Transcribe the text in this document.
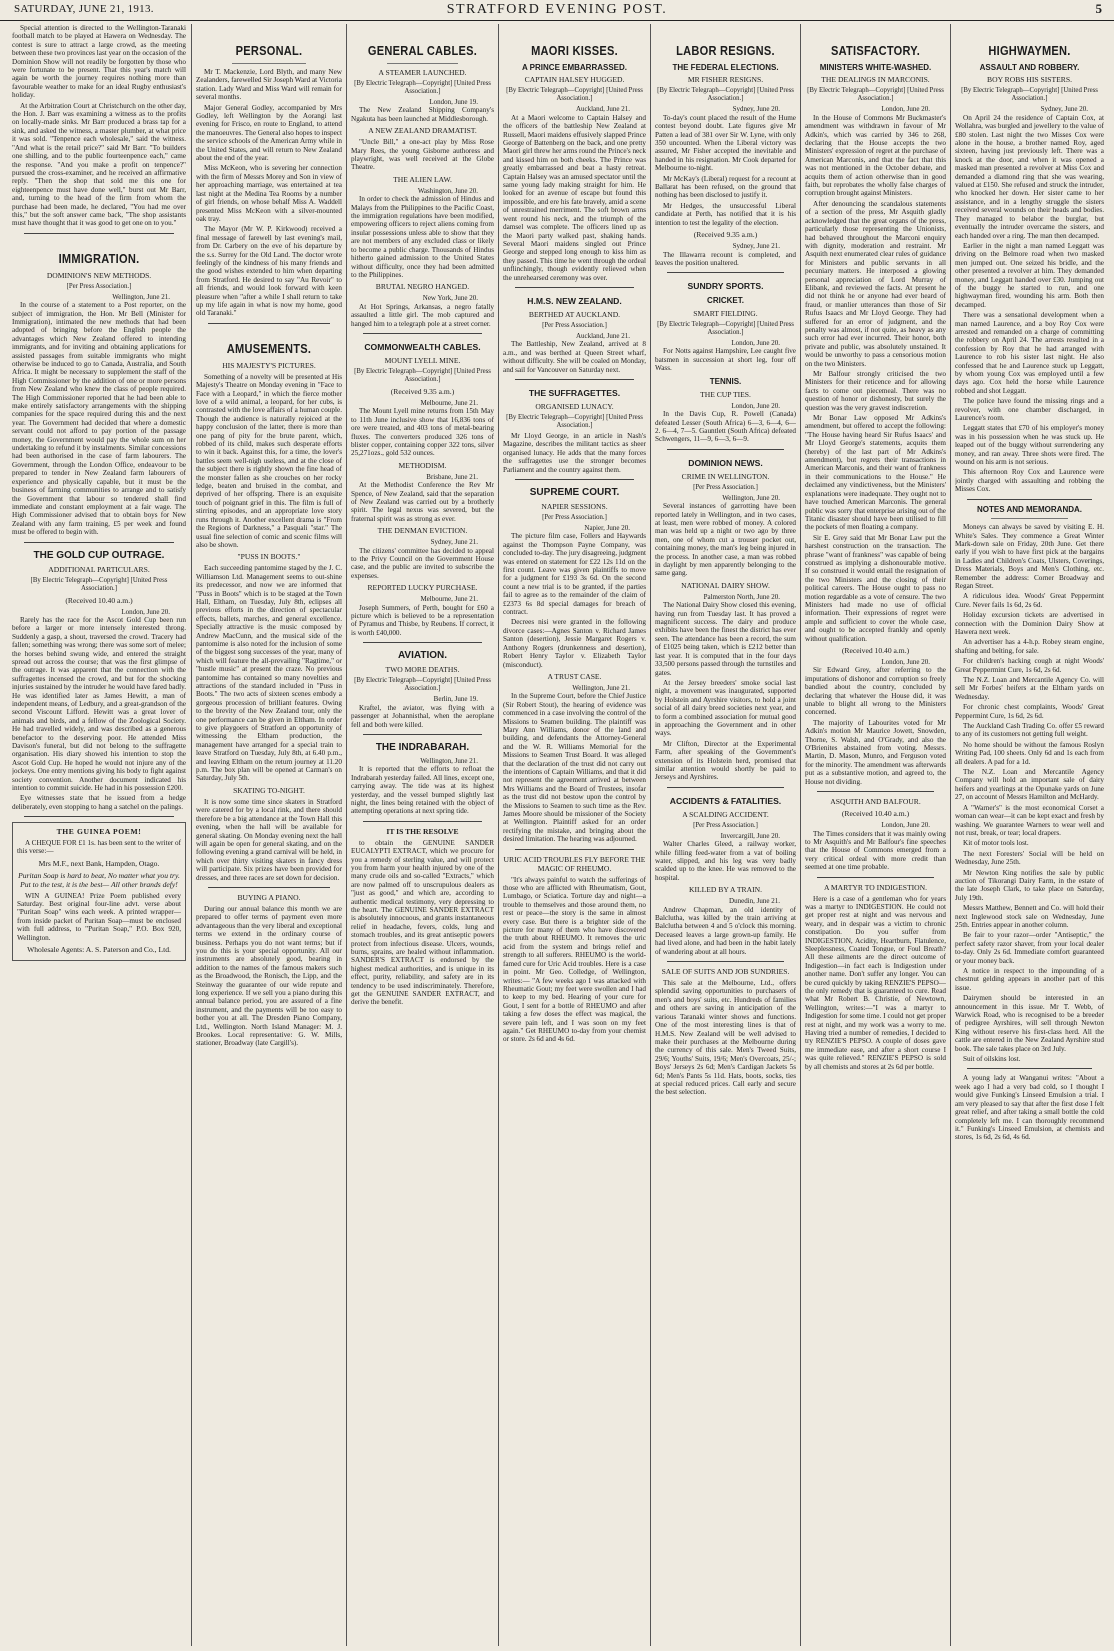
SATURDAY, JUNE 21, 1913.	STRATFORD EVENING POST.	5

Special attention is directed to the Wellington-Taranaki football match to be played at Hawera on Wednesday. The contest is sure to attract a large crowd, as the meeting between these two provinces last year on the occasion of the Dominion Show will not readily be forgotten by those who were fortunate to be present. That this year's match will again be worth the journey requires nothing more than favourable weather to make for an ideal Rugby enthusiast's holiday.

At the Arbitration Court at Christchurch on the other day, the Hon. J. Barr was examining a witness as to the profits on locally-made sinks. Mr Barr produced a brass tap for a sink, and asked the witness, a master plumber, at what price it was sold. "Tenpence each wholesale," said the witness. "And what is the retail price?" said Mr Barr. "To builders one shilling, and to the public fourteenpence each," came the response. "And you make a profit on tenpence?" pursued the cross-examiner, and he received an affirmative reply. "Then the shop that sold me this one for eighteenpence must have done well," burst out Mr Barr, and, turning to the head of the firm from whom the purchase had been made, he declared, "You had me over this," but the soft answer came back, "The shop assistants must have thought that it was good to get one on to you."

IMMIGRATION.
DOMINION'S NEW METHODS.
[Per Press Association.]
Wellington, June 21.

In the course of a statement to a Post reporter, on the subject of immigration, the Hon. Mr Bell (Minister for Immigration), intimated the new methods that had been adopted of bringing before the English people the advantages which New Zealand offered to intending immigrants, and for inviting and obtaining applications for assisted passages from suitable immigrants who might otherwise be induced to go to Canada, Australia, and South Africa. It might be necessary to supplement the staff of the High Commissioner by the addition of one or more persons from New Zealand who knew the class of people required. The High Commissioner reported that he had been able to make entirely satisfactory arrangements with the shipping companies for the space required during this and the next year. The Government had decided that where a domestic servant could not afford to pay portion of the passage money, the Government would pay the whole sum on her undertaking to refund it by instalments. Similar concessions had been authorised in the case of farm labourers. The Government, through the London Office, endeavour to be prepared to tender in New Zealand farm labourers of experience and physically capable, but it must be the business of farming communities to arrange and to satisfy the Government that labour so tendered shall find immediate and constant employment at a fair wage. The High Commissioner advised that to obtain boys for New Zealand with any farm training, £5 per week and found must be offered to begin with.

THE GOLD CUP OUTRAGE.
ADDITIONAL PARTICULARS.
[By Electric Telegraph—Copyright] [United Press Association.]
(Received 10.40 a.m.)
London, June 20.

Rarely has the race for the Ascot Gold Cup been run before a larger or more intensely interested throng. Suddenly a gasp, a shout, traversed the crowd. Tracery had fallen; something was wrong; there was some sort of melee; the horses behind swung wide, and entered the straight spread out across the course; that was the first glimpse of the outrage. It was apparent that the connection with the suffragettes incensed the crowd, and but for the shocking injuries sustained by the intruder he would have fared badly. He was identified later as James Hewitt, a man of independent means, of Ledbury, and a great-grandson of the second Viscount Lifford. Hewitt was a great lover of animals and birds, and a fellow of the Zoological Society. He had travelled widely, and was described as a generous benefactor to the deserving poor. He attended Miss Davison's funeral, but did not belong to the suffragette organisation. His diary showed his intention to stop the Ascot Gold Cup. He hoped he would not injure any of the jockeys. One entry mentions giving his body to fight against society convention. Another document indicated his intention to commit suicide. He had in his possession £200.

Eye witnesses state that he issued from a hedge deliberately, even stopping to hang a satchel on the palings.

THE GUINEA POEM!

A CHEQUE FOR £1 1s. has been sent to the writer of this verse:—

Mrs M.F., next Bank, Hampden, Otago.
Puritan Soap is hard to beat, No matter what you try. Put to the test, it is the best— All other brands defy!

WIN A GUINEA! Prize Poem published every Saturday. Best original four-line advt. verse about "Puritan Soap" wins each week. A printed wrapper—from inside packet of Puritan Soap—must be enclosed with full address, to "Puritan Soap," P.O. Box 920, Wellington.

Wholesale Agents: A. S. Paterson and Co., Ltd.
PERSONAL.

Mr T. Mackenzie, Lord Blyth, and many New Zealanders, farewelled Sir Joseph Ward at Victoria station. Lady Ward and Miss Ward will remain for several months.

Major General Godley, accompanied by Mrs Godley, left Wellington by the Aorangi last evening for Frisco, en route to England, to attend the manoeuvres. The General also hopes to inspect the service schools of the American Army while in the United States, and will return to New Zealand about the end of the year.

Miss McKeon, who is severing her connection with the firm of Messrs Morey and Son in view of her approaching marriage, was entertained at tea last night at the Medina Tea Rooms by a number of girl friends, on whose behalf Miss A. Waddell presented Miss McKeon with a silver-mounted oak tray.

The Mayor (Mr W. P. Kirkwood) received a final message of farewell by last evening's mail, from Dr. Carbery on the eve of his departure by the s.s. Surrey for the Old Land. The doctor wrote feelingly of the kindness of his many friends and the good wishes extended to him when departing from Stratford. He desired to say "Au Revoir" to all friends, and would look forward with keen pleasure when "after a while I shall return to take up my life again in what is now my home, good old Taranaki."

AMUSEMENTS.
HIS MAJESTY'S PICTURES.

Something of a novelty will be presented at His Majesty's Theatre on Monday evening in "Face to Face with a Leopard," in which the fierce mother love of a wild animal, a leopard, for her cubs, is contrasted with the love affairs of a human couple. Though the audience is naturally rejoiced at the happy conclusion of the latter, there is more than one pang of pity for the brute parent, which, robbed of its child, makes such desperate efforts to win it back. Against this, for a time, the lover's battles seem well-nigh useless, and at the close of the subject there is rightly shown the fine head of the monster fallen as she crouches on her rocky ledge, beaten and bruised in the combat, and deprived of her offspring. There is an exquisite touch of poignant grief in this. The film is full of stirring episodes, and an appropriate love story runs through it. Another excellent drama is "From the Regions of Darkness," a Pasquali "star." The usual fine selection of comic and scenic films will also be shown.

"PUSS IN BOOTS."

Each succeeding pantomime staged by the J. C. Williamson Ltd. Management seems to out-shine its predecessor, and now we are informed that "Puss in Boots" which is to be staged at the Town Hall, Eltham, on Tuesday, July 8th, eclipses all previous efforts in the direction of spectacular effects, ballets, marches, and general excellence. Specially attractive is the music composed by Andrew MacCunn, and the musical side of the pantomime is also noted for the inclusion of some of the biggest song successes of the year, many of which will feature the all-prevailing "Ragtime," or "hustle music" at present the craze. No previous pantomime has contained so many novelties and attractions of the standard included in "Puss in Boots." The two acts of sixteen scenes embody a gorgeous procession of brilliant features. Owing to the brevity of the New Zealand tour, only the one performance can be given in Eltham. In order to give playgoers of Stratford an opportunity of witnessing the Eltham production, the management have arranged for a special train to leave Stratford on Tuesday, July 8th, at 6.40 p.m., and leaving Eltham on the return journey at 11.20 p.m. The box plan will be opened at Carman's on Saturday, July 5th.

SKATING TO-NIGHT.

It is now some time since skaters in Stratford were catered for by a local rink, and there should therefore be a big attendance at the Town Hall this evening, when the hall will be available for general skating. On Monday evening next the hall will again be open for general skating, and on the following evening a grand carnival will be held, in which over thirty visiting skaters in fancy dress will participate. Six prizes have been provided for dresses, and three races are set down for decision.

BUYING A PIANO.

During our annual balance this month we are prepared to offer terms of payment even more advantageous than the very liberal and exceptional terms we extend in the ordinary course of business. Perhaps you do not want terms; but if you do this is your special opportunity. All our instruments are absolutely good, bearing in addition to the names of the famous makers such as the Broadwood, the Ronisch, the Lipp, and the Steinway the guarantee of our wide repute and long experience. If we sell you a piano during this annual balance period, you are assured of a fine instrument, and the payments will be too easy to bother you at all. The Dresden Piano Company, Ltd., Wellington. North Island Manager: M. J. Brookes. Local representative: G. W. Mills, stationer, Broadway (late Cargill's).

GENERAL CABLES.
A STEAMER LAUNCHED.
[By Electric Telegraph—Copyright] [United Press Association.]
London, June 19.

The New Zealand Shipping Company's Ngakuta has been launched at Middlesborough.

A NEW ZEALAND DRAMATIST.

"Uncle Bill," a one-act play by Miss Rose Mary Rees, the young Gisborne authoress and playwright, was well received at the Globe Theatre.

THE ALIEN LAW.
Washington, June 20.

In order to check the admission of Hindus and Malays from the Philippines to the Pacific Coast, the immigration regulations have been modified, empowering officers to reject aliens coming from insular possessions unless able to show that they are not members of any excluded class or likely to become a public charge. Thousands of Hindus hitherto gained admission to the United States without difficulty, once they had been admitted to the Philippines.

BRUTAL NEGRO HANGED.
New York, June 20.

At Hot Springs, Arkansas, a negro fatally assaulted a little girl. The mob captured and hanged him to a telegraph pole at a street corner.

COMMONWEALTH CABLES.
MOUNT LYELL MINE.
[By Electric Telegraph—Copyright] [United Press Association.]
(Received 9.35 a.m.)
Melbourne, June 21.

The Mount Lyell mine returns from 15th May to 11th June inclusive show that 16,836 tons of ore were treated, and 403 tons of metal-bearing fluxes. The converters produced 326 tons of blister copper, containing copper 322 tons, silver 25,271ozs., gold 532 ounces.

METHODISM.
Brisbane, June 21.

At the Methodist Conference the Rev Mr Spence, of New Zealand, said that the separation of New Zealand was carried out by a brotherly spirit. The legal nexus was severed, but the fraternal spirit was as strong as ever.

THE DENMAN EVICTION.
Sydney, June 21.

The citizens' committee has decided to appeal to the Privy Council on the Government House case, and the public are invited to subscribe the expenses.

REPORTED LUCKY PURCHASE.
Melbourne, June 21.

Joseph Summers, of Perth, bought for £60 a picture which is believed to be a representation of Pyramus and Thisbe, by Reubens. If correct, it is worth £40,000.

AVIATION.
TWO MORE DEATHS.
[By Electric Telegraph—Copyright] [United Press Association.]
Berlin, June 19.

Kraftel, the aviator, was flying with a passenger at Johannisthal, when the aeroplane fell and both were killed.

THE INDRABARAH.
Wellington, June 21.

It is reported that the efforts to refloat the Indrabarah yesterday failed. All lines, except one, carrying away. The tide was at its highest yesterday, and the vessel bumped slightly last night, the lines being retained with the object of attempting operations at next spring tide.

IT IS THE RESOLVE

to obtain the GENUINE SANDER EUCALYPTI EXTRACT, which we procure for you a remedy of sterling value, and will protect you from harm your health injured by one of the many crude oils and so-called "Extracts," which are now palmed off to unscrupulous dealers as "just as good," and which are, according to authentic medical testimony, very depressing to the heart. The GENUINE SANDER EXTRACT is absolutely innocuous, and grants instantaneous relief in headache, fevers, colds, lung and stomach troubles, and its great antiseptic powers protect from infectious disease. Ulcers, wounds, burns, sprains, are healed without inflammation. SANDER'S EXTRACT is endorsed by the highest medical authorities, and is unique in its effect, purity, reliability, and safety are in its tendency to be used indiscriminately. Therefore, get the GENUINE SANDER EXTRACT, and derive the benefit.

MAORI KISSES.
A PRINCE EMBARRASSED.
CAPTAIN HALSEY HUGGED.
[By Electric Telegraph—Copyright] [United Press Association.]
Auckland, June 21.

At a Maori welcome to Captain Halsey and the officers of the battleship New Zealand at Russell, Maori maidens effusively slapped Prince George of Battenberg on the back, and one pretty Maori girl threw her arms round the Prince's neck and kissed him on both cheeks. The Prince was greatly embarrassed and beat a hasty retreat. Captain Halsey was an amused spectator until the same young lady making straight for him. He looked for an avenue of escape but found this impossible, and ere his fate bravely, amid a scene of unrestrained merriment. The soft brown arms went round his neck, and the triumph of the damsel was complete. The officers lined up as the Maori party walked past, shaking hands. Several Maori maidens singled out Prince George and stepped long enough to kiss him as they passed. This time he went through the ordeal unflinchingly, though evidently relieved when the unrehearsed ceremony was over.

H.M.S. NEW ZEALAND.
BERTHED AT AUCKLAND.
[Per Press Association.]
Auckland, June 21.

The Battleship, New Zealand, arrived at 8 a.m., and was berthed at Queen Street wharf, without difficulty. She will be coaled on Monday, and sail for Vancouver on Saturday next.

THE SUFFRAGETTES.
ORGANISED LUNACY.
[By Electric Telegraph—Copyright] [United Press Association.]

Mr Lloyd George, in an article in Nash's Magazine, describes the militant tactics as sheer organised lunacy. He adds that the many forces the suffragettes use the stronger becomes Parliament and the country against them.

SUPREME COURT.
NAPIER SESSIONS.
[Per Press Association.]
Napier, June 20.

The picture film case, Follers and Haywards against the Thompson Payne Company, was concluded to-day. The jury disagreeing, judgment was entered on statement for £22 12s 11d on the first count. Leave was given plaintiffs to move for a judgment for £193 3s 6d. On the second count a new trial is to be granted, if the parties fail to agree as to the remainder of the claim of £2373 6s 8d special damages for breach of contract.

Decrees nisi were granted in the following divorce cases:—Agnes Santon v. Richard James Santon (desertion), Jessie Margaret Rogers v. Anthony Rogers (drunkenness and desertion), Robert Henry Taylor v. Elizabeth Taylor (misconduct).

A TRUST CASE.
Wellington, June 21.

In the Supreme Court, before the Chief Justice (Sir Robert Stout), the hearing of evidence was commenced in a case involving the control of the Missions to Seamen building. The plaintiff was Mary Ann Williams, donor of the land and building, and defendants the Attorney-General and the W. R. Williams Memorial for the Missions to Seamen Trust Board. It was alleged that the declaration of the trust did not carry out the intentions of Captain Williams, and that it did not represent the agreement arrived at between Mrs Williams and the Board of Trustees, insofar as the trust did not bestow upon the control by the Missions to Seamen to such time as the Rev. James Moore should be missioner of the Society at Wellington. Plaintiff asked for an order rectifying the mistake, and bringing about the desired limitation. The hearing was adjourned.

URIC ACID TROUBLES FLY BEFORE THE MAGIC OF RHEUMO.

"It's always painful to watch the sufferings of those who are afflicted with Rheumatism, Gout, Lumbago, or Sciatica. Torture day and night—a trouble to themselves and those around them, no rest or peace—the story is the same in almost every case. But there is a brighter side of the picture for many of them who have discovered the truth about RHEUMO. It removes the uric acid from the system and brings relief and strength to all sufferers. RHEUMO is the world-famed cure for Uric Acid troubles. Here is a case in point. Mr Geo. Colledge, of Wellington, writes:— "A few weeks ago I was attacked with Rheumatic Gout; my feet were swollen and I had to keep to my bed. Hearing of your cure for Gout, I sent for a bottle of RHEUMO and after taking a few doses the effect was magical, the severe pain left, and I was soon on my feet again." Get RHEUMO to-day from your chemist or store. 2s 6d and 4s 6d.

LABOR RESIGNS.
THE FEDERAL ELECTIONS.
MR FISHER RESIGNS.
[By Electric Telegraph—Copyright] [United Press Association.]
Sydney, June 20.

To-day's count placed the result of the Hume contest beyond doubt. Late figures give Mr Patten a lead of 381 over Sir W. Lyne, with only 350 uncounted. When the Liberal victory was assured, Mr Fisher accepted the inevitable and handed in his resignation. Mr Cook departed for Melbourne to-night.

Mr McKay's (Liberal) request for a recount at Ballarat has been refused, on the ground that nothing has been disclosed to justify it.

Mr Hedges, the unsuccessful Liberal candidate at Perth, has notified that it is his intention to test the legality of the election.

(Received 9.35 a.m.)
Sydney, June 21.

The Illawarra recount is completed, and leaves the position unaltered.

SUNDRY SPORTS.
CRICKET.
SMART FIELDING.
[By Electric Telegraph—Copyright] [United Press Association.]
London, June 20.

For Notts against Hampshire, Lee caught five batsmen in succession at short leg, four off Wass.

TENNIS.
THE CUP TIES.
London, June 20.

In the Davis Cup, R. Powell (Canada) defeated Lesser (South Africa) 6—3, 6—4, 6—2. 6—4, 7—5. Gauntlett (South Africa) defeated Schwengers, 11—9, 6—3, 6—9.

DOMINION NEWS.
CRIME IN WELLINGTON.
[Per Press Association.]
Wellington, June 20.

Several instances of garrotting have been reported lately in Wellington, and in two cases, at least, men were robbed of money. A colored man was held up a night or two ago by three men, one of whom cut a trouser pocket out, containing money, the man's leg being injured in the process. In another case, a man was robbed in daylight by men apparently belonging to the same gang.

NATIONAL DAIRY SHOW.
Palmerston North, June 20.

The National Dairy Show closed this evening, having run from Tuesday last. It has proved a magnificent success. The dairy and produce exhibits have been the finest the district has ever seen. The attendance has been a record, the sum of £1025 being taken, which is £212 better than last year. It is computed that in the four days 33,500 persons passed through the turnstiles and gates.

At the Jersey breeders' smoke social last night, a movement was inaugurated, supported by Holstein and Ayrshire visitors, to hold a joint social of all dairy breed societies next year, and to form a combined association for mutual good in approaching the Government and in other ways.

Mr Clifton, Director at the Experimental Farm, after speaking of the Government's extension of its Holstein herd, promised that similar attention would shortly be paid to Jerseys and Ayrshires.

ACCIDENTS & FATALITIES.
A SCALDING ACCIDENT.
[Per Press Association.]
Invercargill, June 20.

Walter Charles Gleed, a railway worker, while filling feed-water from a vat of boiling water, slipped, and his leg was very badly scalded up to the knee. He was removed to the hospital.

KILLED BY A TRAIN.
Dunedin, June 21.

Andrew Chapman, an old identity of Balclutha, was killed by the train arriving at Balclutha between 4 and 5 o'clock this morning. Deceased leaves a large grown-up family. He had lived alone, and had been in the habit lately of wandering about at all hours.

SALE OF SUITS AND JOB SUNDRIES.

This sale at the Melbourne, Ltd., offers splendid saving opportunities to purchasers of men's and boys' suits, etc. Hundreds of families and others are saving in anticipation of the various Taranaki winter shows and functions. One of the most interesting lines is that of H.M.S. New Zealand will be well advised to make their purchases at the Melbourne during the currency of this sale. Men's Tweed Suits, 29/6; Youths' Suits, 19/6; Men's Overcoats, 25/-; Boys' Jerseys 2s 6d; Men's Cardigan Jackets 5s 6d; Men's Pants 5s 11d. Hats, boots, socks, ties at special reduced prices. Call early and secure the best selection.

SATISFACTORY.
MINISTERS WHITE-WASHED.
THE DEALINGS IN MARCONIS.
[By Electric Telegraph—Copyright] [United Press Association.]
London, June 20.

In the House of Commons Mr Buckmaster's amendment was withdrawn in favour of Mr Adkin's, which was carried by 346 to 268, declaring that the House accepts the two Ministers' expression of regret at the purchase of American Marconis, and that the fact that this was not mentioned in the October debate, and acquits them of action otherwise than in good faith, but reprobates the wholly false charges of corruption brought against Ministers.

After denouncing the scandalous statements of a section of the press, Mr Asquith gladly acknowledged that the great organs of the press, particularly those representing the Unionists, had behaved throughout the Marconi enquiry with dignity, moderation and restraint. Mr Asquith next enumerated clear rules of guidance for Ministers and public servants in all pecuniary matters. He interposed a glowing personal appreciation of Lord Murray of Elibank, and reviewed the facts. At present he did not think he or anyone had ever heard of fraud, or manlier utterances than those of Sir Rufus Isaacs and Mr Lloyd George. They had suffered for an error of judgment, and the penalty was almost, if not quite, as heavy as any such error had ever incurred. Their honor, both private and public, was absolutely unstained. It would be unworthy to pass a censorious motion on the two Ministers.

Mr Balfour strongly criticised the two Ministers for their reticence and for allowing facts to come out piecemeal. There was no question of honor or dishonesty, but surely the question was the very gravest indiscretion.

Mr Bonar Law opposed Mr Adkins's amendment, but offered to accept the following: "The House having heard Sir Rufus Isaacs' and Mr Lloyd George's statements, acquits them (hereby) of the last part of Mr Adkins's amendment), but regrets their transactions in American Marconis, and their want of frankness in their communications to the House." He declaimed any vindictiveness, but the Ministers' explanations were inadequate. They ought not to have touched American Marconis. The general public was sorry that enterprise arising out of the Titanic disaster should have been utilised to fill the pockets of men floating a company.

Sir E. Grey said that Mr Bonar Law put the harshest construction on the transaction. The phrase "want of frankness" was capable of being construed as implying a dishonourable motive. If so construed it would entail the resignation of the two Ministers and the closing of their political careers. The House ought to pass no motion regardable as a vote of censure. The two Ministers had made no use of official information. Their expressions of regret were ample and sufficient to cover the whole case, and ought to be accepted frankly and openly without qualification.

(Received 10.40 a.m.)
London, June 20.

Sir Edward Grey, after referring to the imputations of dishonor and corruption so freely bandied about the country, concluded by declaring that whatever the House did, it was unable to blight all wrong to the Ministers concerned.

The majority of Labourites voted for Mr Adkin's motion Mr Maurice Jowett, Snowden, Thorne, S. Walsh, and O'Grady, and also the O'Brienites abstained from voting. Messrs. Martin, D. Mason, Munro, and Ferguson voted for the minority. The amendment was afterwards put as a substantive motion, and agreed to, the House not dividing.

ASQUITH AND BALFOUR.
(Received 10.40 a.m.)
London, June 20.

The Times considers that it was mainly owing to Mr Asquith's and Mr Balfour's fine speeches that the House of Commons emerged from a very critical ordeal with more credit than seemed at one time probable.

A MARTYR TO INDIGESTION.

Here is a case of a gentleman who for years was a martyr to INDIGESTION. He could not get proper rest at night and was nervous and weary, and in despair was a victim to chronic constipation. Do you suffer from INDIGESTION, Acidity, Heartburn, Flatulence, Sleeplessness, Coated Tongue, or Foul Breath? All these ailments are the direct outcome of Indigestion—in fact each is Indigestion under another name. Don't suffer any longer. You can be cured quickly by taking RENZIE'S PEPSO—the only remedy that is guaranteed to cure. Read what Mr Robert B. Christie, of Newtown, Wellington, writes:—"I was a martyr to Indigestion for some time. I could not get proper rest at night, and my work was a worry to me. Having tried a number of remedies, I decided to try RENZIE'S PEPSO. A couple of doses gave me immediate ease, and after a short course I was quite relieved." RENZIE'S PEPSO is sold by all chemists and stores at 2s 6d per bottle.

HIGHWAYMEN.
ASSAULT AND ROBBERY.
BOY ROBS HIS SISTERS.
[By Electric Telegraph—Copyright] [United Press Association.]
Sydney, June 20.

On April 24 the residence of Captain Cox, at Wollahra, was burgled and jewellery to the value of £80 stolen. Last night the two Misses Cox were alone in the house, a brother named Roy, aged sixteen, having just previously left. There was a knock at the door, and when it was opened a masked man presented a revolver at Miss Cox and demanded a diamond ring that she was wearing, valued at £150. She refused and struck the intruder, who knocked her down. Her sister came to her assistance, and in a lengthy struggle the sisters received several wounds on their heads and bodies. They managed to belabor the burglar, but eventually the intruder overcame the sisters, and each handed over a ring. The man then decamped.

Earlier in the night a man named Leggatt was driving on the Belmore road when two masked men jumped out. One seized his bridle, and the other presented a revolver at him. They demanded money, and Leggatt handed over £30. Jumping out of the buggy he started to run, and one highwayman fired, wounding his arm. Both then decamped.

There was a sensational development when a man named Laurence, and a boy Roy Cox were arrested and remanded on a charge of committing the robbery on April 24. The arrests resulted in a confession by Roy that he had arranged with Laurence to rob his sister last night. He also confessed that he and Laurence stuck up Leggatt, by whom young Cox was employed until a few days ago. Cox held the horse while Laurence robbed and shot Leggatt.

The police have found the missing rings and a revolver, with one chamber discharged, in Laurence's room.

Leggatt states that £70 of his employer's money was in his possession when he was stuck up. He leaped out of the buggy without surrendering any money, and ran away. Three shots were fired. The wound on his arm is not serious.

This afternoon Roy Cox and Laurence were jointly charged with assaulting and robbing the Misses Cox.

NOTES AND MEMORANDA.

Moneys can always be saved by visiting E. H. White's Sales. They commence a Great Winter Mark-down sale on Friday, 20th June. Get there early if you wish to have first pick at the bargains in Ladies and Children's Coats, Ulsters, Coverings, Dress Materials, Boys and Men's Clothing, etc. Remember the address: Corner Broadway and Regan Street.

A ridiculous idea. Woods' Great Peppermint Cure. Never fails 1s 6d, 2s 6d.

Holiday excursion tickets are advertised in connection with the Dominion Dairy Show at Hawera next week.

An advertiser has a 4-h.p. Robey steam engine, shafting and belting, for sale.

For children's hacking cough at night Woods' Great Peppermint Cure, 1s 6d, 2s 6d.

The N.Z. Loan and Mercantile Agency Co. will sell Mr Forbes' heifers at the Eltham yards on Wednesday.

For chronic chest complaints, Woods' Great Peppermint Cure, 1s 6d, 2s 6d.

The Auckland Cash Trading Co. offer £5 reward to any of its customers not getting full weight.

No home should be without the famous Roslyn Writing Pad, 100 sheets. Only 6d and 1s each from all dealers. A pad for a 1d.

The N.Z. Loan and Mercantile Agency Company will hold an important sale of dairy heifers and yearlings at the Opunake yards on June 27, on account of Messrs Hamilton and McHardy.

A "Warner's" is the most economical Corset a woman can wear—it can be kept exact and fresh by washing. We guarantee Warners to wear well and not rust, break, or tear; local drapers.

Kit of motor tools lost.

The next Foresters' Social will be held on Wednesday, June 25th.

Mr Newton King notifies the sale by public auction of Tikorangi Dairy Farm, in the estate of the late Joseph Clark, to take place on Saturday, July 19th.

Messrs Matthew, Bennett and Co. will hold their next Inglewood stock sale on Wednesday, June 25th. Entries appear in another column.

Be fair to your razor—order "Antiseptic," the perfect safety razor shaver, from your local dealer to-day. Only 2s 6d. Immediate comfort guaranteed or your money back.

A notice in respect to the impounding of a chestnut gelding appears in another part of this issue.

Dairymen should be interested in an announcement in this issue. Mr T. Webb, of Warwick Road, who is recognised to be a breeder of pedigree Ayrshires, will sell through Newton King without reserve his first-class herd. All the cattle are entered in the New Zealand Ayrshire stud book. The sale takes place on 3rd July.

Suit of oilskins lost.

A young lady at Wanganui writes: "About a week ago I had a very bad cold, so I thought I would give Funking's Linseed Emulsion a trial. I am very pleased to say that after the first dose I felt great relief, and after taking a small bottle the cold completely left me. I can thoroughly recommend it." Funking's Linseed Emulsion, at chemists and stores, 1s 6d, 2s 6d, 4s 6d.
